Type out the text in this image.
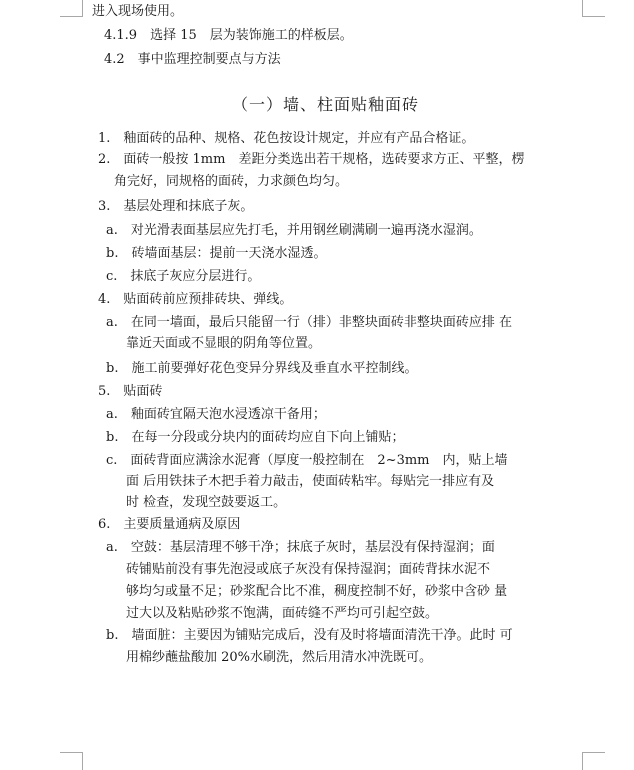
进入现场使用。
4.1.9　选择 15　层为装饰施工的样板层。
4.2　事中监理控制要点与方法
（一）墙、柱面贴釉面砖
1.　釉面砖的品种、规格、花色按设计规定，并应有产品合格证。
2.　面砖一般按 1mm　差距分类选出若干规格，选砖要求方正、平整，楞
角完好，同规格的面砖，力求颜色均匀。
3.　基层处理和抹底子灰。
a.　对光滑表面基层应先打毛，并用钢丝刷满刷一遍再浇水湿润。
b.　砖墙面基层：提前一天浇水湿透。
c.　抹底子灰应分层进行。
4.　贴面砖前应预排砖块、弹线。
a.　在同一墙面，最后只能留一行（排）非整块面砖非整块面砖应排 在
靠近天面或不显眼的阴角等位置。
b.　施工前要弹好花色变异分界线及垂直水平控制线。
5.　贴面砖
a.　釉面砖宜隔天泡水浸透凉干备用；
b.　在每一分段或分块内的面砖均应自下向上铺贴；
c.　面砖背面应满涂水泥膏（厚度一般控制在　2~3mm　内，贴上墙
面 后用铁抹子木把手着力敲击，使面砖粘牢。每贴完一排应有及
时 检查，发现空鼓要返工。
6.　主要质量通病及原因
a.　空鼓：基层清理不够干净；抹底子灰时，基层没有保持湿润；面
砖铺贴前没有事先泡浸或底子灰没有保持湿润；面砖背抹水泥不
够均匀或量不足；砂浆配合比不准，稠度控制不好，砂浆中含砂 量
过大以及粘贴砂浆不饱满，面砖缝不严均可引起空鼓。
b.　墙面脏：主要因为铺贴完成后，没有及时将墙面清洗干净。此时 可
用棉纱蘸盐酸加 20%水刷洗，然后用清水冲洗既可。
